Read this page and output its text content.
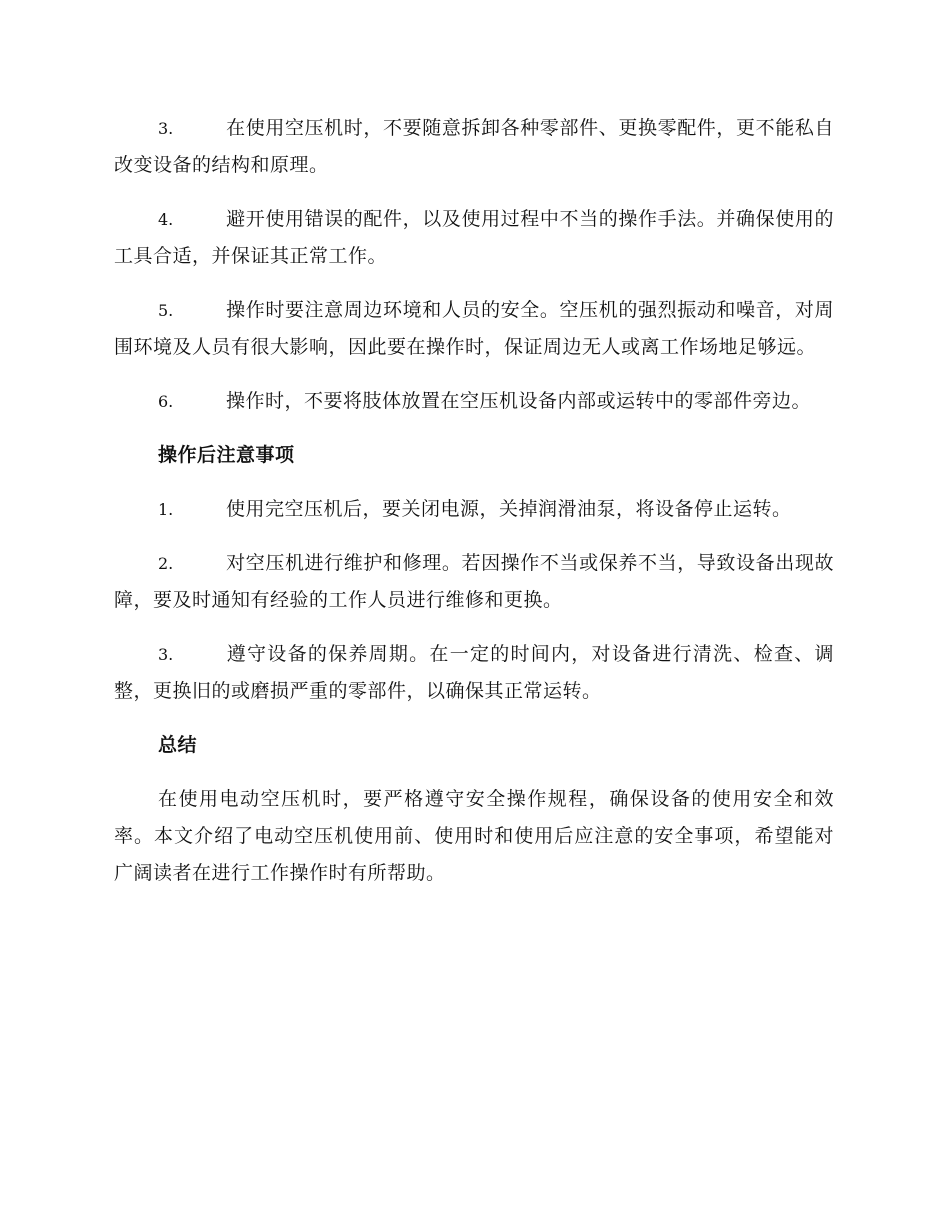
3.	在使用空压机时，不要随意拆卸各种零部件、更换零配件，更不能私自改变设备的结构和原理。

4.	避开使用错误的配件，以及使用过程中不当的操作手法。并确保使用的工具合适，并保证其正常工作。

5.	操作时要注意周边环境和人员的安全。空压机的强烈振动和噪音，对周围环境及人员有很大影响，因此要在操作时，保证周边无人或离工作场地足够远。

6.	操作时，不要将肢体放置在空压机设备内部或运转中的零部件旁边。

操作后注意事项

1.	使用完空压机后，要关闭电源，关掉润滑油泵，将设备停止运转。

2.	对空压机进行维护和修理。若因操作不当或保养不当，导致设备出现故障，要及时通知有经验的工作人员进行维修和更换。

3.	遵守设备的保养周期。在一定的时间内，对设备进行清洗、检查、调整，更换旧的或磨损严重的零部件，以确保其正常运转。

总结

在使用电动空压机时，要严格遵守安全操作规程，确保设备的使用安全和效率。本文介绍了电动空压机使用前、使用时和使用后应注意的安全事项，希望能对广阔读者在进行工作操作时有所帮助。
